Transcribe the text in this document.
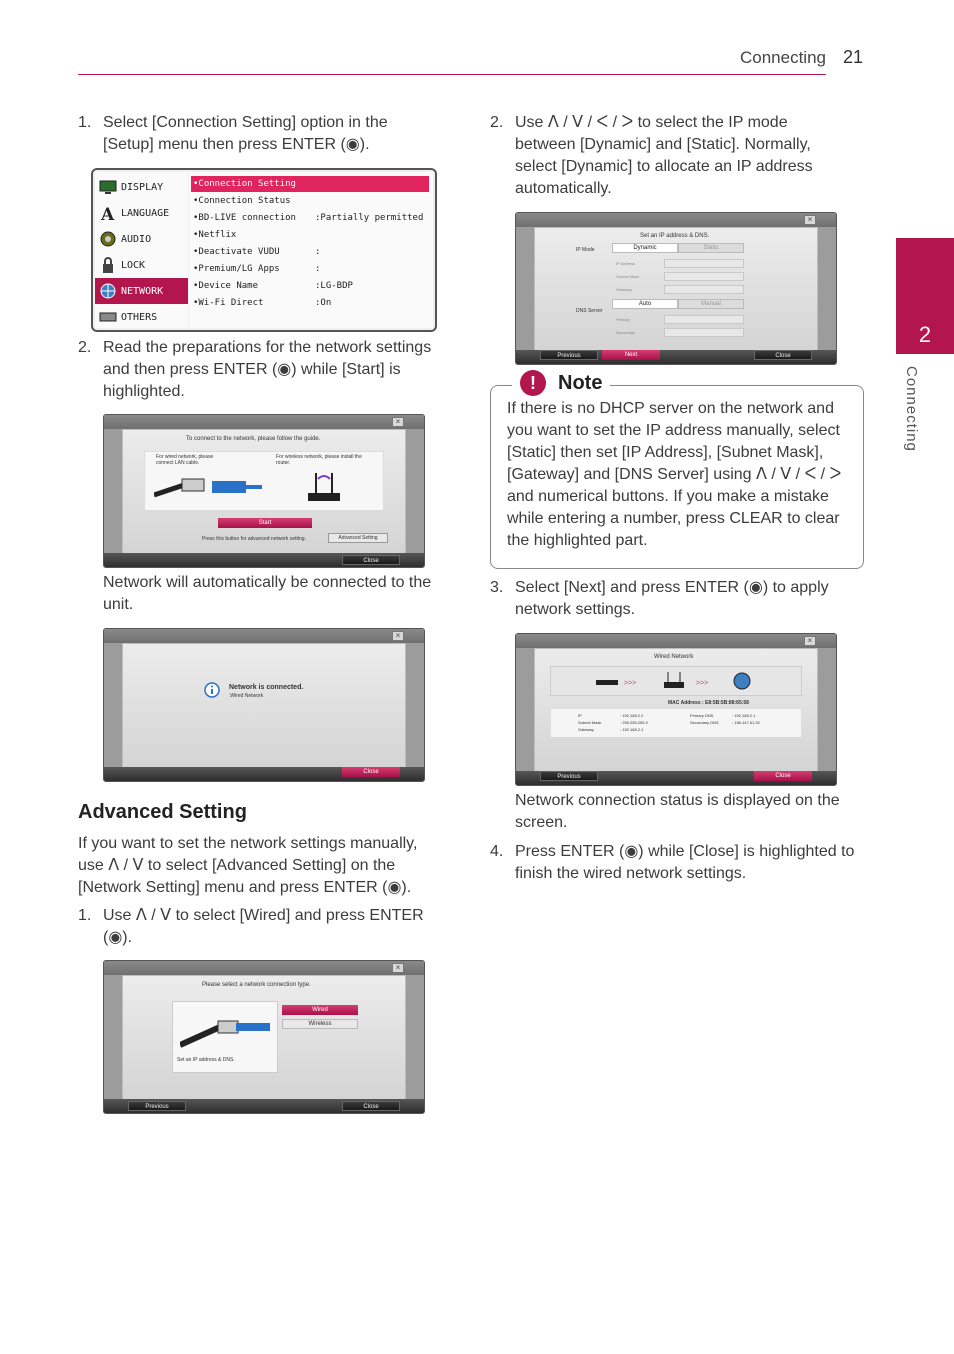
Connecting 21
2
Connecting
1. Select [Connection Setting] option in the [Setup] menu then press ENTER (◉).
DISPLAY
A LANGUAGE
AUDIO
LOCK
NETWORK
OTHERS
•Connection Setting
•Connection Status
•BD-LIVE connection :Partially permitted
•Netflix
•Deactivate VUDU	:
•Premium/LG Apps	:
•Device Name	:LG-BDP
•Wi-Fi Direct	:On
2. Read the preparations for the network settings and then press ENTER (◉) while [Start] is highlighted.
×
To connect to the network, please follow the guide.
For wired network, please connect LAN cable.
For wireless network, please install the router.
Start
Press this button for advanced network setting.	Advanced Setting
Close
Network will automatically be connected to the unit.
×
Network is connected.
:Wired Network
Close
Advanced Setting
If you want to set the network settings manually, use ᐱ / ᐯ to select [Advanced Setting] on the [Network Setting] menu and press ENTER (◉).
1. Use ᐱ / ᐯ to select [Wired] and press ENTER (◉).
×
Please select a network connection type.
Set an IP address & DNS.
Wired
Wireless
Previous	Close
2. Use ᐱ / ᐯ / ᐸ / ᐳ to select the IP mode between [Dynamic] and [Static]. Normally, select [Dynamic] to allocate an IP address automatically.
×
Set an IP address & DNS.
IP Mode	Dynamic	Static
IP Address
Subnet Mask
Gateway
DNS Server
Auto	Manual
Primary
Secondary
Previous	Next	Close
!	Note
If there is no DHCP server on the network and you want to set the IP address manually, select [Static] then set [IP Address], [Subnet Mask], [Gateway] and [DNS Server] using ᐱ / ᐯ / ᐸ / ᐳ and numerical buttons. If you make a mistake while entering a number, press CLEAR to clear the highlighted part.
3. Select [Next] and press ENTER (◉) to apply network settings.
×
Wired Network
>>>	>>>
MAC Address : E8:5B:5B:88:65:58
IP	: 192.168.2.2
Subnet Mask	: 255.255.255.0
Gateway	: 192.168.2.1
Primary DNS	: 192.168.2.1
Secondary DNS	: 156.147.61.32
Previous	Close
Network connection status is displayed on the screen.
4. Press ENTER (◉) while [Close] is highlighted to finish the wired network settings.
